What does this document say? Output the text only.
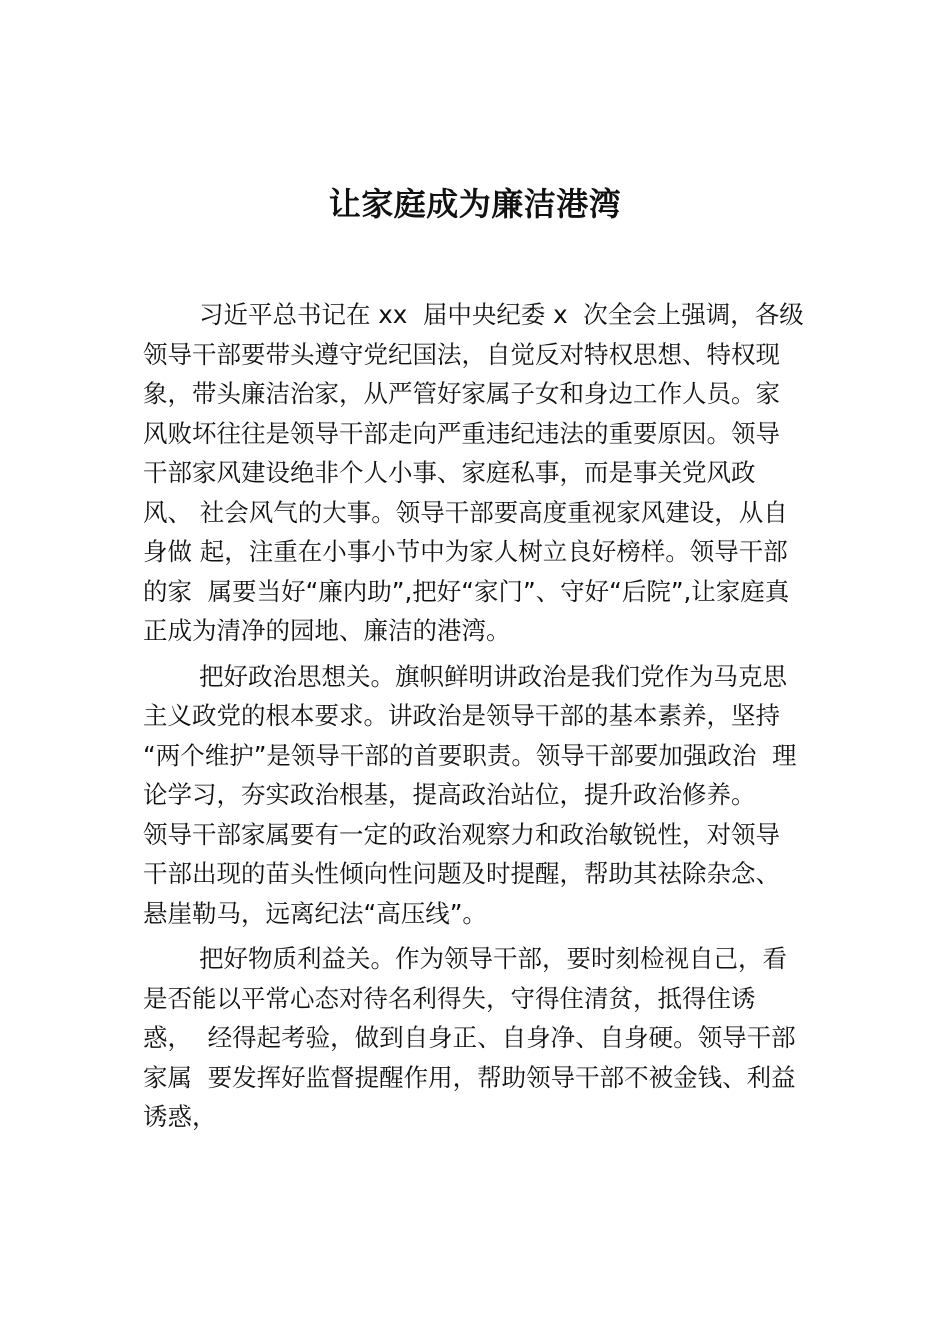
让家庭成为廉洁港湾
习近平总书记在 xx  届中央纪委 x  次全会上强调，各级
领导干部要带头遵守党纪国法，自觉反对特权思想、特权现
象，带头廉洁治家，从严管好家属子女和身边工作人员。家
风败坏往往是领导干部走向严重违纪违法的重要原因。领导
干部家风建设绝非个人小事、家庭私事，而是事关党风政
风、 社会风气的大事。领导干部要高度重视家风建设，从自
身做 起，注重在小事小节中为家人树立良好榜样。领导干部
的家  属要当好“廉内助”,把好“家门”、守好“后院”,让家庭真
正成为清净的园地、廉洁的港湾。
把好政治思想关。旗帜鲜明讲政治是我们党作为马克思
主义政党的根本要求。讲政治是领导干部的基本素养，坚持
“两个维护”是领导干部的首要职责。领导干部要加强政治  理
论学习，夯实政治根基，提高政治站位，提升政治修养。
领导干部家属要有一定的政治观察力和政治敏锐性，对领导
干部出现的苗头性倾向性问题及时提醒，帮助其祛除杂念、
悬崖勒马，远离纪法“高压线”。
把好物质利益关。作为领导干部，要时刻检视自己，看
是否能以平常心态对待名利得失，守得住清贫，抵得住诱
惑，  经得起考验，做到自身正、自身净、自身硬。领导干部
家属  要发挥好监督提醒作用，帮助领导干部不被金钱、利益
诱惑，
